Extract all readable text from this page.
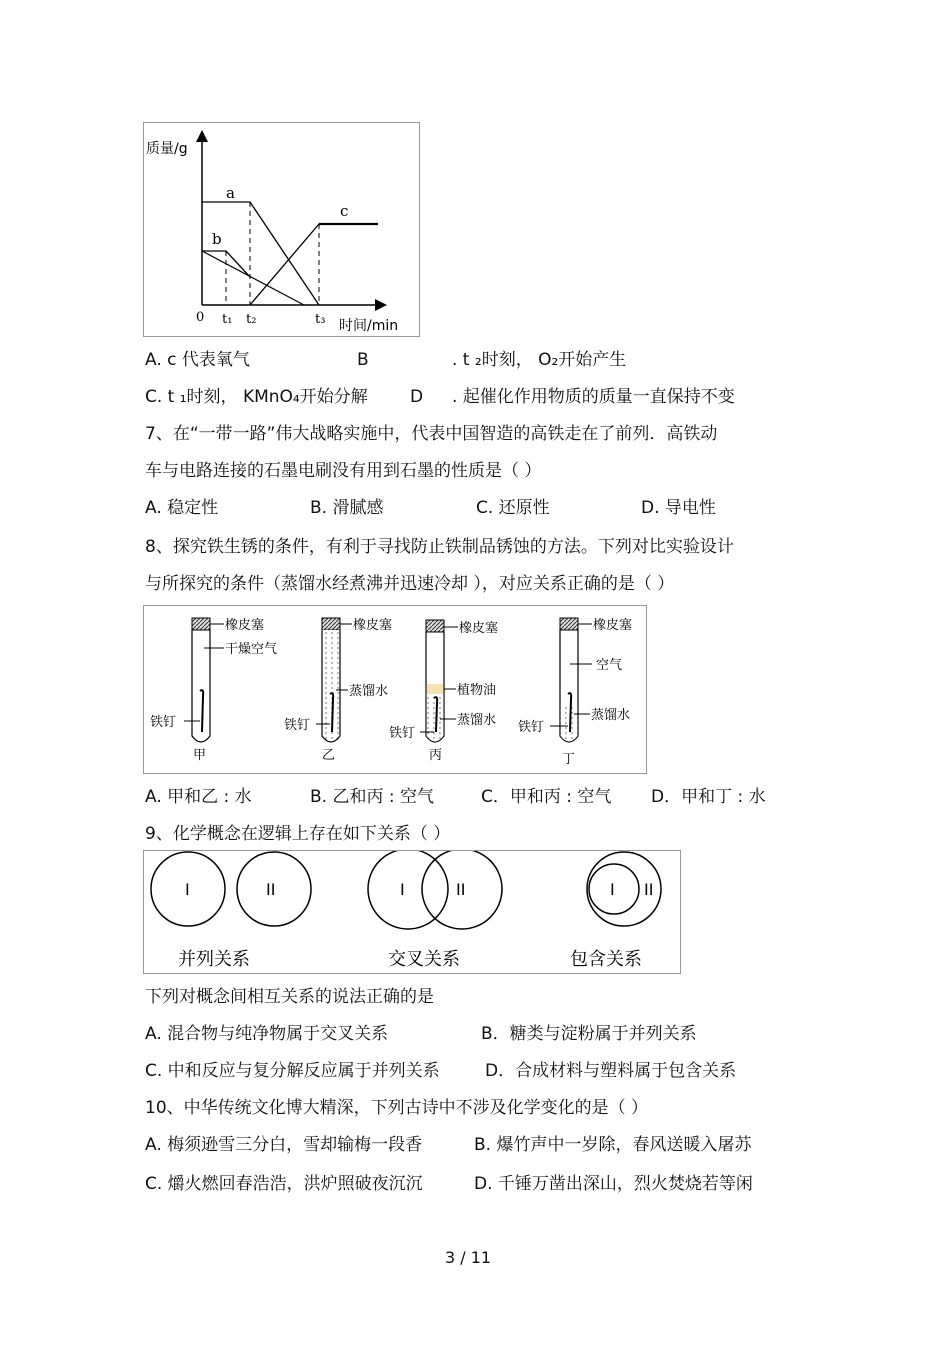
质量/g
时间/min
0 t₁ t₂	t₃
a
b
c
A. c 代表氧气	B	. t ₂时刻， O₂开始产生
C. t ₁时刻， KMnO₄开始分解 D . 起催化作用物质的质量一直保持不变
7、在“一带一路”伟大战略实施中，代表中国智造的高铁走在了前列．高铁动
车与电路连接的石墨电刷没有用到石墨的性质是（ ）
A. 稳定性	B. 滑腻感	C. 还原性	D. 导电性
8、探究铁生锈的条件，有利于寻找防止铁制品锈蚀的方法。下列对比实验设计
与所探究的条件（蒸馏水经煮沸并迅速冷却 ），对应关系正确的是（ ）
橡皮塞
干燥空气
铁钉
甲
橡皮塞
蒸馏水
铁钉
乙
橡皮塞
植物油
蒸馏水
铁钉
丙
橡皮塞
空气
蒸馏水
铁钉
丁
A. 甲和乙 : 水	B. 乙和丙 : 空气	C．甲和丙 : 空气 D．甲和丁 : 水
9、化学概念在逻辑上存在如下关系（ ）
I	II
并列关系
I	II
交叉关系
I II
包含关系
下列对概念间相互关系的说法正确的是
A. 混合物与纯净物属于交叉关系	B．糖类与淀粉属于并列关系
C. 中和反应与复分解反应属于并列关系	D．合成材料与塑料属于包含关系
10、中华传统文化博大精深，下列古诗中不涉及化学变化的是（ ）
A. 梅须逊雪三分白，雪却输梅一段香	B. 爆竹声中一岁除，春风送暖入屠苏
C. 爝火燃回春浩浩，洪炉照破夜沉沉	D. 千锤万凿出深山，烈火焚烧若等闲
3 / 11
